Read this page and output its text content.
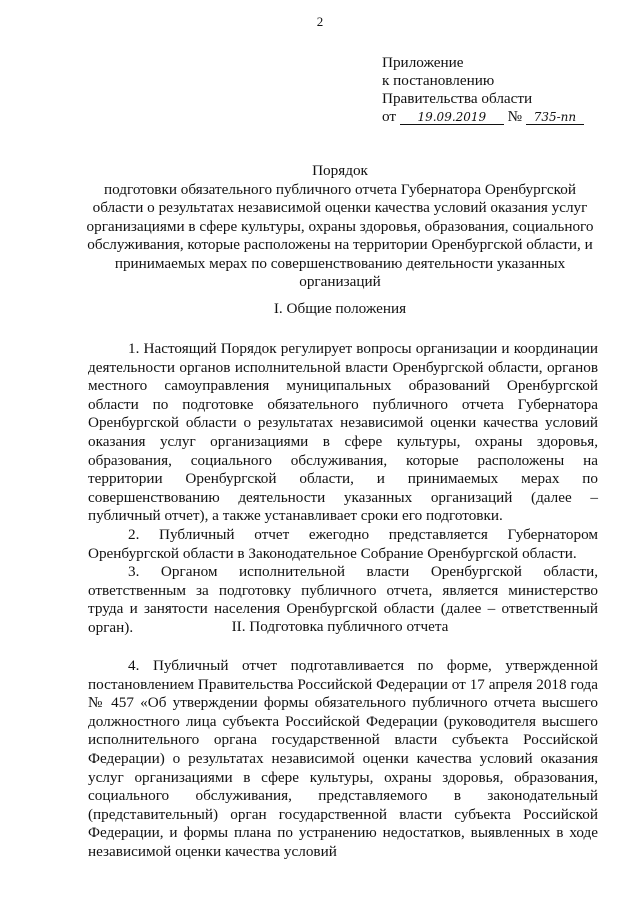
2
Приложение
к постановлению
Правительства области
от 19.09.2019 № 735-пп
Порядок
подготовки обязательного публичного отчета Губернатора Оренбургской области о результатах независимой оценки качества условий оказания услуг организациями в сфере культуры, охраны здоровья, образования, социального обслуживания, которые расположены на территории Оренбургской области, и принимаемых мерах по совершенствованию деятельности указанных организаций
I. Общие положения

1. Настоящий Порядок регулирует вопросы организации и координации деятельности органов исполнительной власти Оренбургской области, органов местного самоуправления муниципальных образований Оренбургской области по подготовке обязательного публичного отчета Губернатора Оренбургской области о результатах независимой оценки качества условий оказания услуг организациями в сфере культуры, охраны здоровья, образования, социального обслуживания, которые расположены на территории Оренбургской области, и принимаемых мерах по совершенствованию деятельности указанных организаций (далее – публичный отчет), а также устанавливает сроки его подготовки.

2. Публичный отчет ежегодно представляется Губернатором Оренбургской области в Законодательное Собрание Оренбургской области.

3. Органом исполнительной власти Оренбургской области, ответственным за подготовку публичного отчета, является министерство труда и занятости населения Оренбургской области (далее – ответственный орган).	II. Подготовка публичного отчета

4. Публичный отчет подготавливается по форме, утвержденной постановлением Правительства Российской Федерации от 17 апреля 2018 года № 457 «Об утверждении формы обязательного публичного отчета высшего должностного лица субъекта Российской Федерации (руководителя высшего исполнительного органа государственной власти субъекта Российской Федерации) о результатах независимой оценки качества условий оказания услуг организациями в сфере культуры, охраны здоровья, образования, социального обслуживания, представляемого в законодательный (представительный) орган государственной власти субъекта Российской Федерации, и формы плана по устранению недостатков, выявленных в ходе независимой оценки качества условий
